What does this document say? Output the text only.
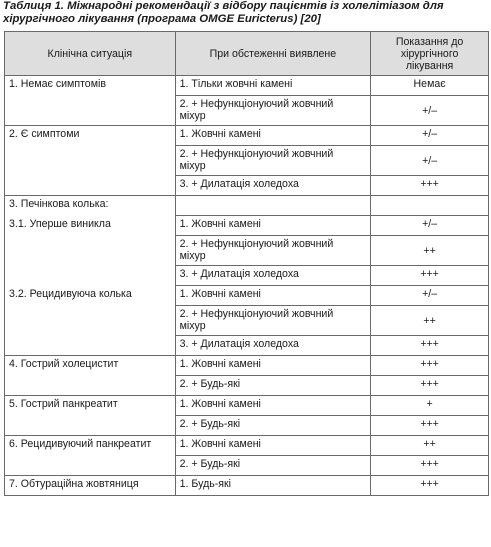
Таблиця 1. Міжнародні рекомендації з відбору пацієнтів із холелітіазом для
хірургічного лікування (програма OMGE Euricterus) [20]
Клінічна ситуація	При обстеженні виявлене	Показання до
хірургічного
лікування

1. Немає симптомів	1. Тільки жовчні камені	Немає

	2. + Нефункціонуючий жовчний
міхур	+/–
2. Є симптоми	1. Жовчні камені	+/–

	2. + Нефункціонуючий жовчний
міхур	+/–

	3. + Дилатація холедоха	+++
3. Печінкова колька:	

3.1. Уперше виникла	1. Жовчні камені	+/–

	2. + Нефункціонуючий жовчний
міхур	++

	3. + Дилатація холедоха	+++
3.2. Рецидивуюча колька	1. Жовчні камені	+/–

	2. + Нефункціонуючий жовчний
міхур	++

	3. + Дилатація холедоха	+++
4. Гострий холецистит	1. Жовчні камені	+++

	2. + Будь-які	+++
5. Гострий панкреатит	1. Жовчні камені	+

	2. + Будь-які	+++
6. Рецидивуючий панкреатит	1. Жовчні камені	++

	2. + Будь-які	+++
7. Обтураційна жовтяниця	1. Будь-які	+++
